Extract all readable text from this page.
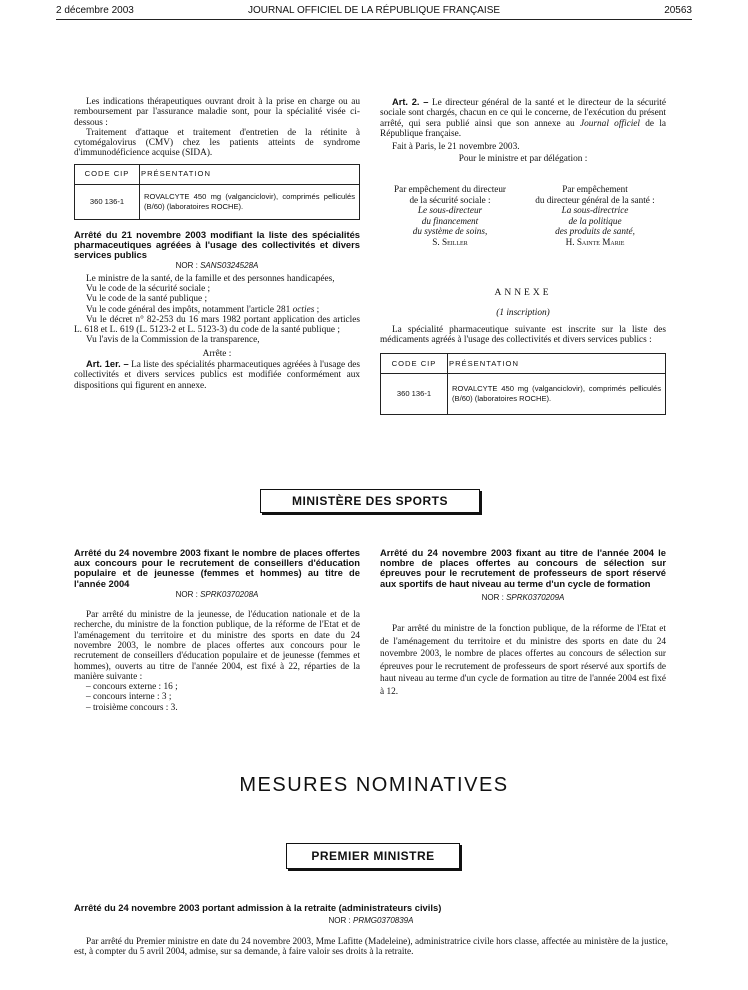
2 décembre 2003	JOURNAL OFFICIEL DE LA RÉPUBLIQUE FRANÇAISE	20563

Les indications thérapeutiques ouvrant droit à la prise en charge ou au remboursement par l'assurance maladie sont, pour la spécialité visée ci-dessous :

Traitement d'attaque et traitement d'entretien de la rétinite à cytomégalovirus (CMV) chez les patients atteints de syndrome d'immunodéficience acquise (SIDA).

CODE CIP	PRÉSENTATION
360 136-1	ROVALCYTE 450 mg (valganciclovir), comprimés pelliculés (B/60) (laboratoires ROCHE).
Arrêté du 21 novembre 2003 modifiant la liste des spécialités pharmaceutiques agréées à l'usage des collectivités et divers services publics
NOR : SANS0324528A

Le ministre de la santé, de la famille et des personnes handicapées,

Vu le code de la sécurité sociale ;

Vu le code de la santé publique ;

Vu le code général des impôts, notamment l'article 281 octies ;

Vu le décret n° 82-253 du 16 mars 1982 portant application des articles L. 618 et L. 619 (L. 5123-2 et L. 5123-3) du code de la santé publique ;

Vu l'avis de la Commission de la transparence,

Arrête :

Art. 1er. – La liste des spécialités pharmaceutiques agréées à l'usage des collectivités et divers services publics est modifiée conformément aux dispositions qui figurent en annexe.

Art. 2. – Le directeur général de la santé et le directeur de la sécurité sociale sont chargés, chacun en ce qui le concerne, de l'exécution du présent arrêté, qui sera publié ainsi que son annexe au Journal officiel de la République française.

Fait à Paris, le 21 novembre 2003.

Pour le ministre et par délégation :

Par empêchement du directeur
de la sécurité sociale :
Le sous-directeur
du financement
du système de soins,
S. Seiller
Par empêchement
du directeur général de la santé :
La sous-directrice
de la politique
des produits de santé,
H. Sainte Marie

ANNEXE

(1 inscription)

La spécialité pharmaceutique suivante est inscrite sur la liste des médicaments agréés à l'usage des collectivités et divers services publics :

CODE CIP	PRÉSENTATION
360 136-1	ROVALCYTE 450 mg (valganciclovir), comprimés pelliculés (B/60) (laboratoires ROCHE).
MINISTÈRE DES SPORTS
Arrêté du 24 novembre 2003 fixant le nombre de places offertes aux concours pour le recrutement de conseillers d'éducation populaire et de jeunesse (femmes et hommes) au titre de l'année 2004
NOR : SPRK0370208A

Par arrêté du ministre de la jeunesse, de l'éducation nationale et de la recherche, du ministre de la fonction publique, de la réforme de l'Etat et de l'aménagement du territoire et du ministre des sports en date du 24 novembre 2003, le nombre de places offertes aux concours pour le recrutement de conseillers d'éducation populaire et de jeunesse (femmes et hommes), ouverts au titre de l'année 2004, est fixé à 22, réparties de la manière suivante :

– concours externe : 16 ;

– concours interne : 3 ;

– troisième concours : 3.

Arrêté du 24 novembre 2003 fixant au titre de l'année 2004 le nombre de places offertes au concours de sélection sur épreuves pour le recrutement de professeurs de sport réservé aux sportifs de haut niveau au terme d'un cycle de formation
NOR : SPRK0370209A

Par arrêté du ministre de la fonction publique, de la réforme de l'Etat et de l'aménagement du territoire et du ministre des sports en date du 24 novembre 2003, le nombre de places offertes au concours de sélection sur épreuves pour le recrutement de professeurs de sport réservé aux sportifs de haut niveau au terme d'un cycle de formation au titre de l'année 2004 est fixé à 12.

MESURES NOMINATIVES
PREMIER MINISTRE
Arrêté du 24 novembre 2003 portant admission à la retraite (administrateurs civils)
NOR : PRMG0370839A

Par arrêté du Premier ministre en date du 24 novembre 2003, Mme Lafitte (Madeleine), administratrice civile hors classe, affectée au ministère de la justice, est, à compter du 5 avril 2004, admise, sur sa demande, à faire valoir ses droits à la retraite.
